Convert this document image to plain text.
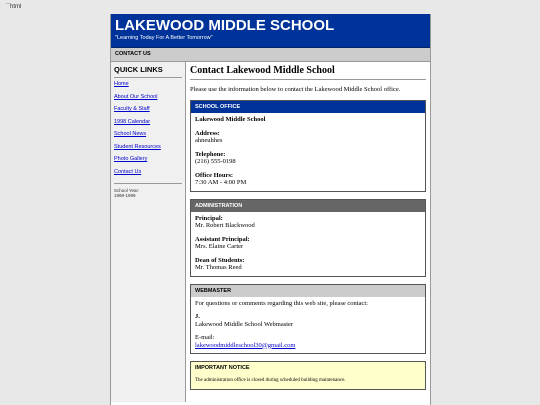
``html
LAKEWOOD MIDDLE SCHOOL
"Learning Today For A Better Tomorrow"
CONTACT US
QUICK LINKS
Home
About Our School
Faculty & Staff
1998 Calendar
School News
Student Resources
Photo Gallery
Contact Us
School Year:
1998-1999
Contact Lakewood Middle School
Please use the information below to contact the Lakewood Middle School office.
SCHOOL OFFICE
Lakewood Middle School
Address:
ahneuhhes
Telephone:
(216) 555-0198
Office Hours:
7:30 AM - 4:00 PM
ADMINISTRATION
Principal:
Mr. Robert Blackwood
Assistant Principal:
Mrs. Elaine Carter
Dean of Students:
Mr. Thomas Reed
WEBMASTER
For questions or comments regarding this web site, please contact:
J.
Lakewood Middle School Webmaster
E-mail:
lakewoodmiddleschool30@gmail.com
IMPORTANT NOTICE
The administration office is closed during scheduled building maintenance.
